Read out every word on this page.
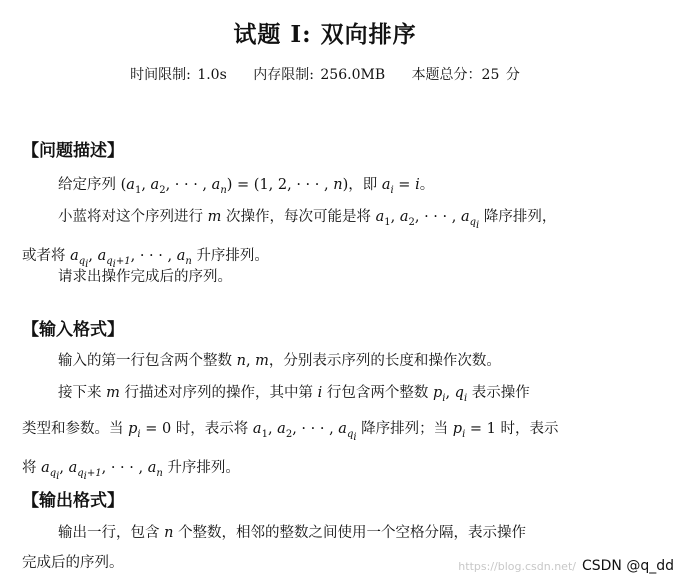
试题 I: 双向排序
时间限制: 1.0s 内存限制: 256.0MB 本题总分：25 分
【问题描述】
给定序列 ($a_1$, $a_2$, · · · , $a_n) = (1$, 2, · · · , n)，即 $a_i = i$。
小蓝将对这个序列进行 m 次操作，每次可能是将 $a_1$, $a_2$, · · · , $a_{q_i}$ 降序排列，
或者将 $a_{q_i}$, $a_{q_i+1}$, · · · , $a_n$ 升序排列。
请求出操作完成后的序列。
【输入格式】
输入的第一行包含两个整数 n, m，分别表示序列的长度和操作次数。
接下来 m 行描述对序列的操作，其中第 i 行包含两个整数 $p_i$, $q_i$ 表示操作
类型和参数。当 $p_i = 0$ 时，表示将 $a_1$, $a_2$, · · · , $a_{q_i}$ 降序排列；当 $p_i = 1$ 时，表示
将 $a_{q_i}$, $a_{q_i+1}$, · · · , $a_n$ 升序排列。
【输出格式】
输出一行，包含 n 个整数，相邻的整数之间使用一个空格分隔，表示操作
完成后的序列。	https://blog.csdn.net/ CSDN @q_dd
